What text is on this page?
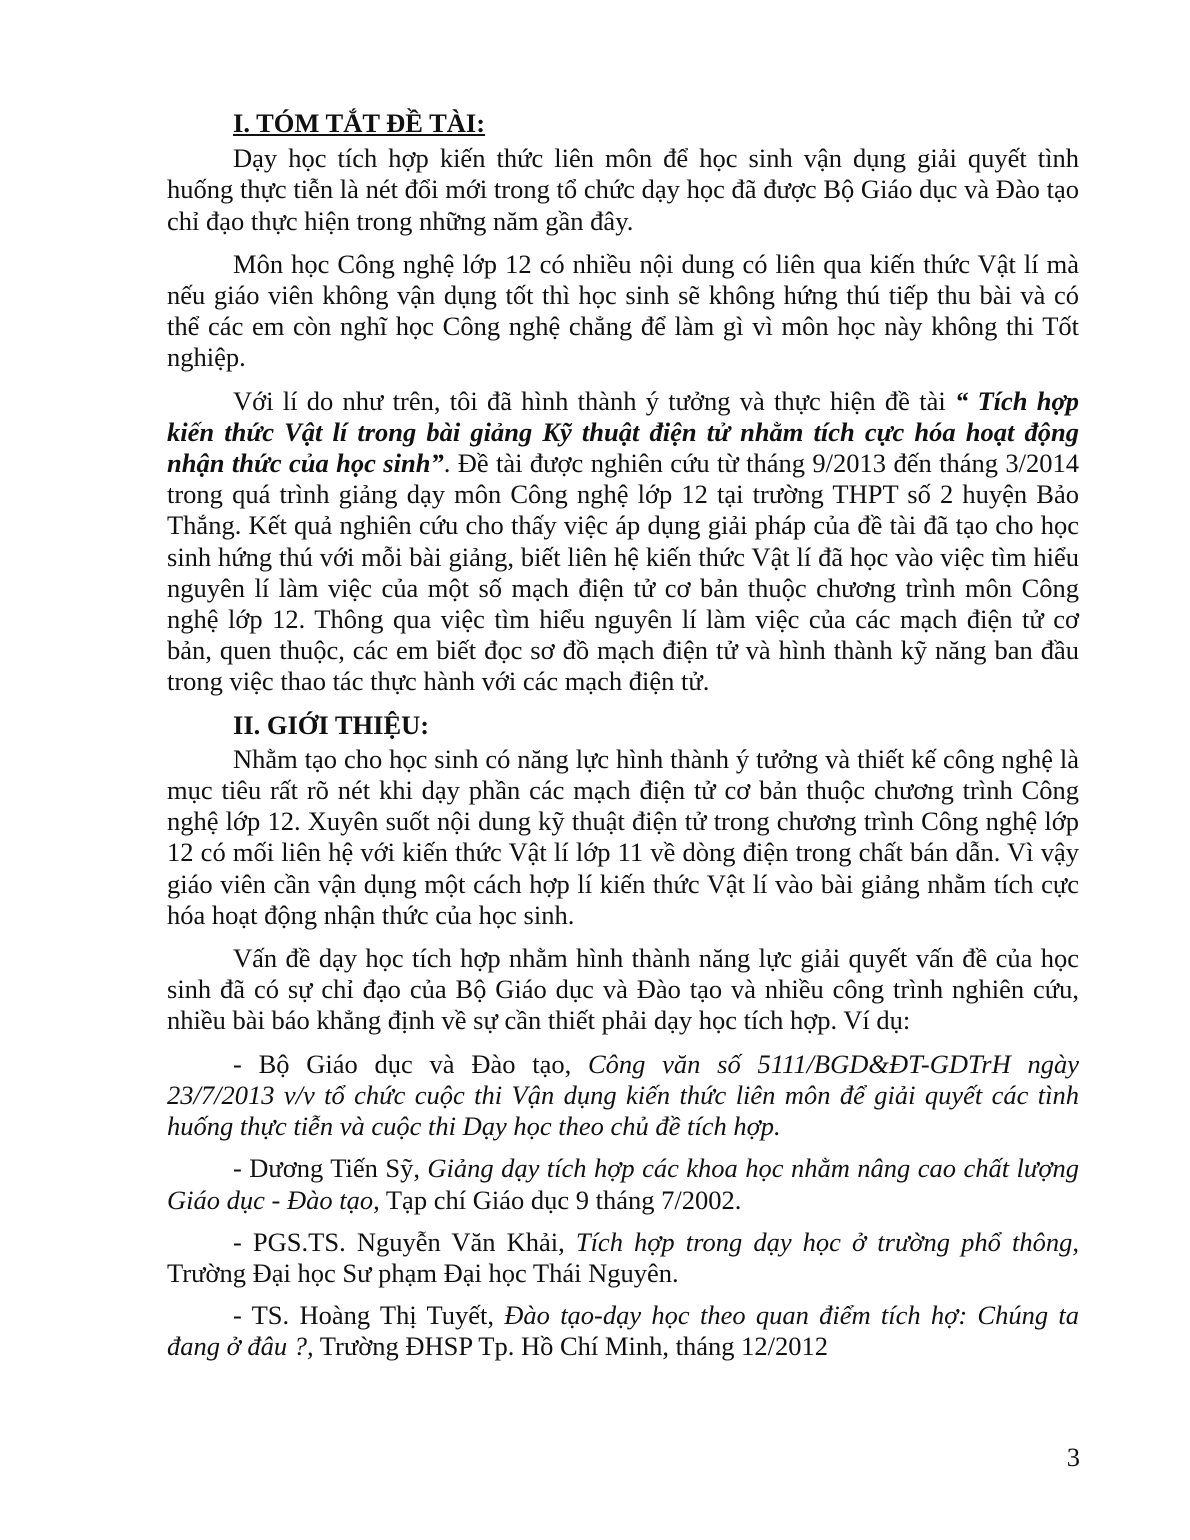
I. TÓM TẮT ĐỀ TÀI:

Dạy học tích hợp kiến thức liên môn để học sinh vận dụng giải quyết tình huống thực tiễn là nét đổi mới trong tổ chức dạy học đã được Bộ Giáo dục và Đào tạo chỉ đạo thực hiện trong những năm gần đây.

Môn học Công nghệ lớp 12 có nhiều nội dung có liên qua kiến thức Vật lí mà nếu giáo viên không vận dụng tốt thì học sinh sẽ không hứng thú tiếp thu bài và có thể các em còn nghĩ học Công nghệ chẳng để làm gì vì môn học này không thi Tốt nghiệp.

Với lí do như trên, tôi đã hình thành ý tưởng và thực hiện đề tài “ Tích hợp kiến thức Vật lí trong bài giảng Kỹ thuật điện tử nhằm tích cực hóa hoạt động nhận thức của học sinh”. Đề tài được nghiên cứu từ tháng 9/2013 đến tháng 3/2014 trong quá trình giảng dạy môn Công nghệ lớp 12 tại trường THPT số 2 huyện Bảo Thắng. Kết quả nghiên cứu cho thấy việc áp dụng giải pháp của đề tài đã tạo cho học sinh hứng thú với mỗi bài giảng, biết liên hệ kiến thức Vật lí đã học vào việc tìm hiểu nguyên lí làm việc của một số mạch điện tử cơ bản thuộc chương trình môn Công nghệ lớp 12. Thông qua việc tìm hiểu nguyên lí làm việc của các mạch điện tử cơ bản, quen thuộc, các em biết đọc sơ đồ mạch điện tử và hình thành kỹ năng ban đầu trong việc thao tác thực hành với các mạch điện tử.

II. GIỚI THIỆU:

Nhằm tạo cho học sinh có năng lực hình thành ý tưởng và thiết kế công nghệ là mục tiêu rất rõ nét khi dạy phần các mạch điện tử cơ bản thuộc chương trình Công nghệ lớp 12. Xuyên suốt nội dung kỹ thuật điện tử trong chương trình Công nghệ lớp 12 có mối liên hệ với kiến thức Vật lí lớp 11 về dòng điện trong chất bán dẫn. Vì vậy giáo viên cần vận dụng một cách hợp lí kiến thức Vật lí vào bài giảng nhằm tích cực hóa hoạt động nhận thức của học sinh.

Vấn đề dạy học tích hợp nhằm hình thành năng lực giải quyết vấn đề của học sinh đã có sự chỉ đạo của Bộ Giáo dục và Đào tạo và nhiều công trình nghiên cứu, nhiều bài báo khẳng định về sự cần thiết phải dạy học tích hợp. Ví dụ:

- Bộ Giáo dục và Đào tạo, Công văn số 5111/BGD&ĐT-GDTrH ngày 23/7/2013 v/v tổ chức cuộc thi Vận dụng kiến thức liên môn để giải quyết các tình huống thực tiễn và cuộc thi Dạy học theo chủ đề tích hợp.

- Dương Tiến Sỹ, Giảng dạy tích hợp các khoa học nhằm nâng cao chất lượng Giáo dục - Đào tạo, Tạp chí Giáo dục 9 tháng 7/2002.

- PGS.TS. Nguyễn Văn Khải, Tích hợp trong dạy học ở trường phổ thông, Trường Đại học Sư phạm Đại học Thái Nguyên.

- TS. Hoàng Thị Tuyết, Đào tạo-dạy học theo quan điểm tích hợ: Chúng ta đang ở đâu ?, Trường ĐHSP Tp. Hồ Chí Minh, tháng 12/2012

3
